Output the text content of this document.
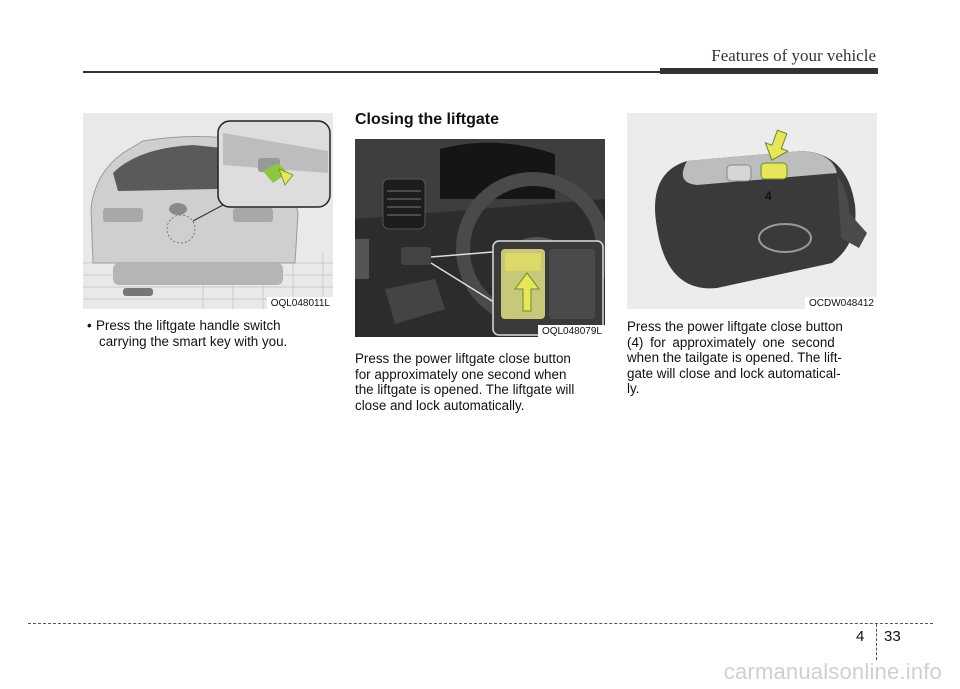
Features of your vehicle
OQL048011L
• Press the liftgate handle switch
carrying the smart key with you.
Closing the liftgate
OQL048079L
Press the power liftgate close button
for approximately one second when
the liftgate is opened. The liftgate will
close and lock automatically.
4
OCDW048412
Press the power liftgate close button
(4) for approximately one second
when the tailgate is opened. The lift-
gate will close and lock automatical-
ly.
4 33
carmanualsonline.info
